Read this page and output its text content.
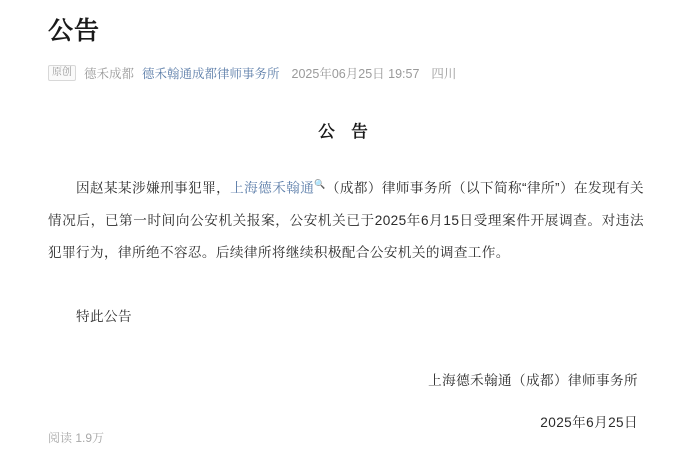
公告
原创 德禾成都 德禾翰通成都律师事务所 2025年06月25日 19:57 四川
公 告

因赵某某涉嫌刑事犯罪，上海德禾翰通🔍（成都）律师事务所（以下简称“律所”）在发现有关情况后，已第一时间向公安机关报案，公安机关已于2025年6月15日受理案件开展调查。对违法犯罪行为，律所绝不容忍。后续律所将继续积极配合公安机关的调查工作。

特此公告

上海德禾翰通（成都）律师事务所
2025年6月25日
阅读 1.9万
